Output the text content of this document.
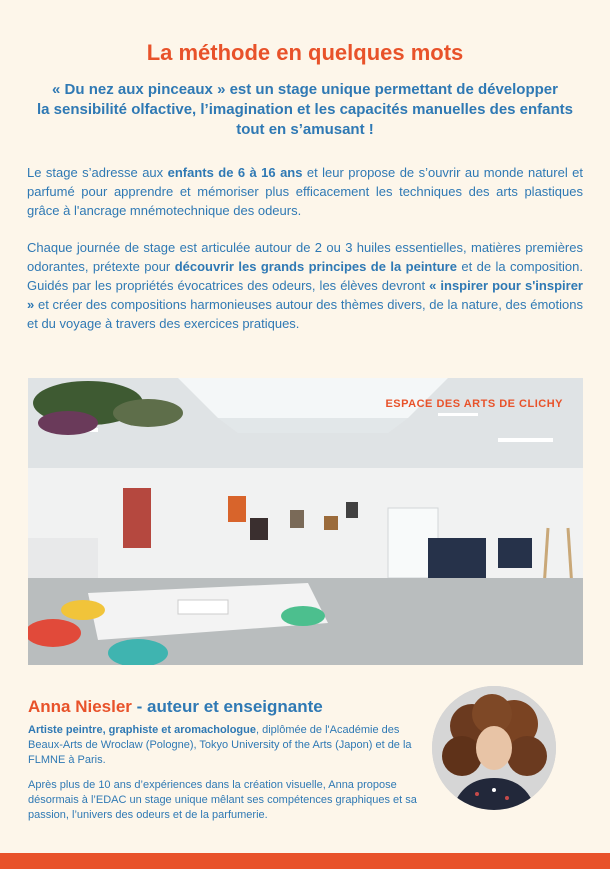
La méthode en quelques mots

« Du nez aux pinceaux » est un stage unique permettant de développer
la sensibilité olfactive, l’imagination et les capacités manuelles des enfants
tout en s’amusant !

Le stage s’adresse aux enfants de 6 à 16 ans et leur propose de s’ouvrir au monde naturel et parfumé pour apprendre et mémoriser plus efficacement les techniques des arts plastiques grâce à l'ancrage mnémotechnique des odeurs.

Chaque journée de stage est articulée autour de 2 ou 3 huiles essentielles, matières premières odorantes, prétexte pour découvrir les grands principes de la peinture et de la composition. Guidés par les propriétés évocatrices des odeurs, les élèves devront « inspirer pour s'inspirer » et créer des compositions harmonieuses autour des thèmes divers, de la nature, des émotions et du voyage à travers des exercices pratiques.

ESPACE DES ARTS DE CLICHY
Anna Niesler - auteur et enseignante

Artiste peintre, graphiste et aromachologue, diplômée de l'Académie des Beaux-Arts de Wroclaw (Pologne), Tokyo University of the Arts (Japon) et de la FLMNE à Paris.

Après plus de 10 ans d’expériences dans la création visuelle, Anna propose désormais à l’EDAC un stage unique mêlant ses compétences graphiques et sa passion, l’univers des odeurs et de la parfumerie.
